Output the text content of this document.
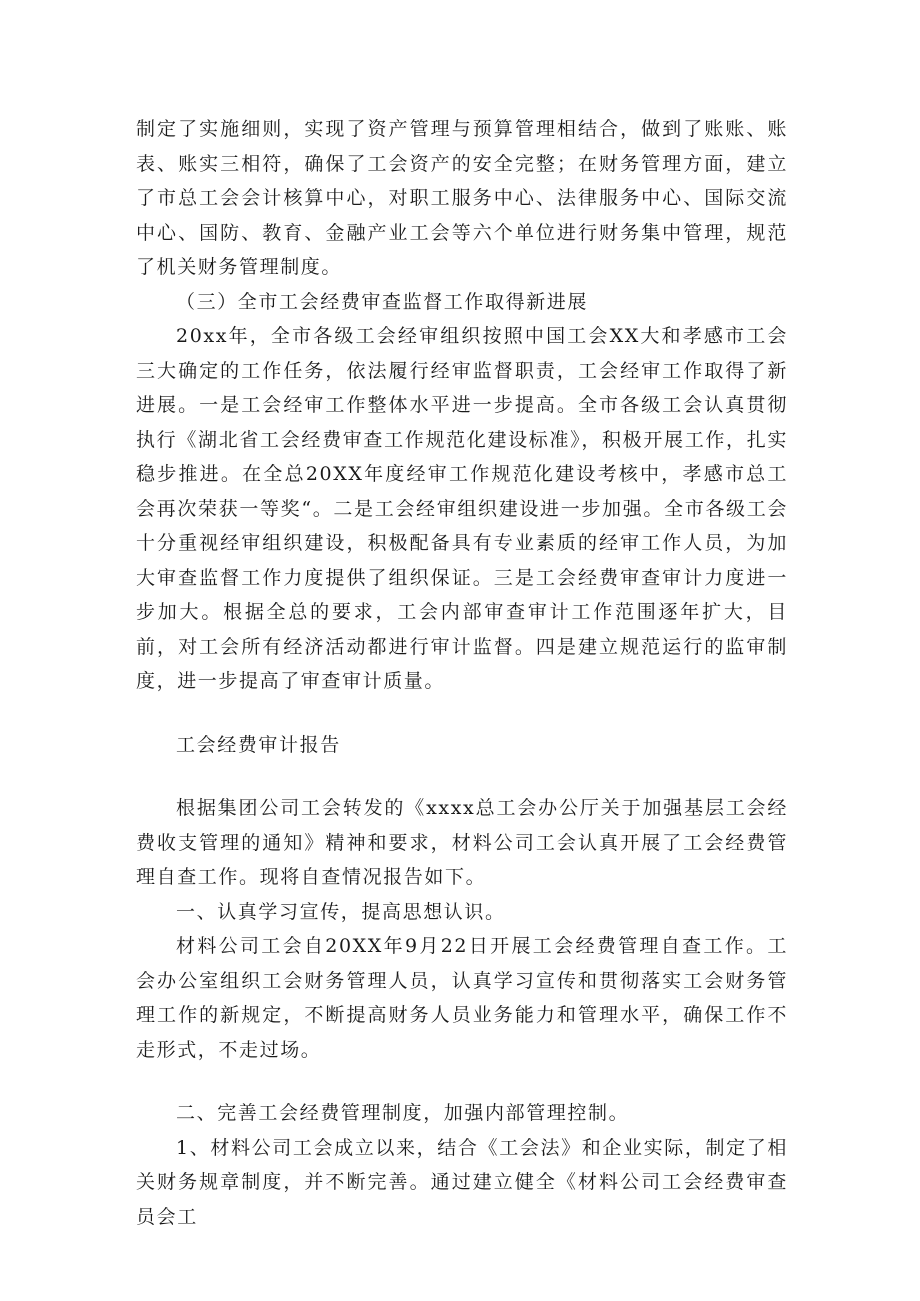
制定了实施细则，实现了资产管理与预算管理相结合，做到了账账、账表、账实三相符，确保了工会资产的安全完整；在财务管理方面，建立了市总工会会计核算中心，对职工服务中心、法律服务中心、国际交流中心、国防、教育、金融产业工会等六个单位进行财务集中管理，规范了机关财务管理制度。

（三）全市工会经费审查监督工作取得新进展

20xx年，全市各级工会经审组织按照中国工会XX大和孝感市工会三大确定的工作任务，依法履行经审监督职责，工会经审工作取得了新进展。一是工会经审工作整体水平进一步提高。全市各级工会认真贯彻执行《湖北省工会经费审查工作规范化建设标准》，积极开展工作，扎实稳步推进。在全总20XX年度经审工作规范化建设考核中，孝感市总工会再次荣获一等奖“。二是工会经审组织建设进一步加强。全市各级工会十分重视经审组织建设，积极配备具有专业素质的经审工作人员，为加大审查监督工作力度提供了组织保证。三是工会经费审查审计力度进一步加大。根据全总的要求，工会内部审查审计工作范围逐年扩大，目前，对工会所有经济活动都进行审计监督。四是建立规范运行的监审制度，进一步提高了审查审计质量。

工会经费审计报告

根据集团公司工会转发的《xxxx总工会办公厅关于加强基层工会经费收支管理的通知》精神和要求，材料公司工会认真开展了工会经费管理自查工作。现将自查情况报告如下。

一、认真学习宣传，提高思想认识。

材料公司工会自20XX年9月22日开展工会经费管理自查工作。工会办公室组织工会财务管理人员，认真学习宣传和贯彻落实工会财务管理工作的新规定，不断提高财务人员业务能力和管理水平，确保工作不走形式，不走过场。

二、完善工会经费管理制度，加强内部管理控制。

1、材料公司工会成立以来，结合《工会法》和企业实际，制定了相关财务规章制度，并不断完善。通过建立健全《材料公司工会经费审查员会工
